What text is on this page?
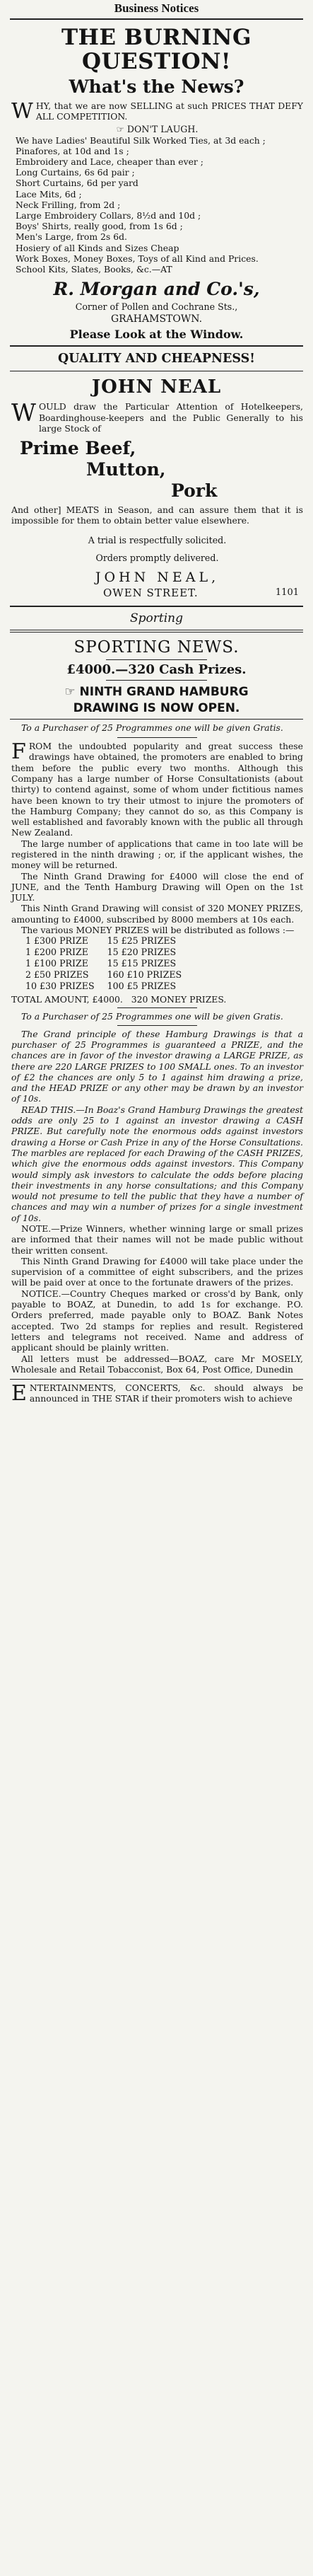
Business Notices
THE BURNING QUESTION!
What's the News?

W HY, that we are now SELLING at such PRICES THAT DEFY ALL COMPETITION.

☞ DON'T LAUGH.
We have Ladies' Beautiful Silk Worked Ties, at 3d each ;
Pinafores, at 10d and 1s ;
Embroidery and Lace, cheaper than ever ;
Long Curtains, 6s 6d pair ;
Short Curtains, 6d per yard
Lace Mits, 6d ;
Neck Frilling, from 2d ;
Large Embroidery Collars, 8½d and 10d ;
Boys' Shirts, really good, from 1s 6d ;
Men's Large, from 2s 6d.
Hosiery of all Kinds and Sizes Cheap
Work Boxes, Money Boxes, Toys of all Kind and Prices.
School Kits, Slates, Books, &c.—AT
R. Morgan and Co.'s,
Corner of Pollen and Cochrane Sts.,
GRAHAMSTOWN.
Please Look at the Window.
QUALITY AND CHEAPNESS!
JOHN NEAL

W OULD draw the Particular Attention of Hotelkeepers, Boardinghouse-keepers and the Public Generally to his large Stock of

Prime Beef,
Mutton,
Pork

And other] MEATS in Season, and can assure them that it is impossible for them to obtain better value elsewhere.

A trial is respectfully solicited.
Orders promptly delivered.
JOHN NEAL,
OWEN STREET.	1101
Sporting
SPORTING NEWS.
£4000.—320 Cash Prizes.
☞ NINTH GRAND HAMBURG
DRAWING IS NOW OPEN.

To a Purchaser of 25 Programmes one will be given Gratis.

F ROM the undoubted popularity and great success these drawings have obtained, the promoters are enabled to bring them before the public every two months. Although this Company has a large number of Horse Consultationists (about thirty) to contend against, some of whom under fictitious names have been known to try their utmost to injure the promoters of the Hamburg Company; they cannot do so, as this Company is well established and favorably known with the public all through New Zealand.

The large number of applications that came in too late will be registered in the ninth drawing ; or, if the applicant wishes, the money will be returned.

The Ninth Grand Drawing for £4000 will close the end of JUNE, and the Tenth Hamburg Drawing will Open on the 1st JULY.

This Ninth Grand Drawing will consist of 320 MONEY PRIZES, amounting to £4000, subscribed by 8000 members at 10s each.

The various MONEY PRIZES will be distributed as follows :—

1 £300 PRIZE	15 £25 PRIZES
1 £200 PRIZE	15 £20 PRIZES
1 £100 PRIZE	15 £15 PRIZES
2 £50 PRIZES	160 £10 PRIZES
10 £30 PRIZES	100 £5 PRIZES
TOTAL AMOUNT, £4000.   320 MONEY PRIZES.

To a Purchaser of 25 Programmes one will be given Gratis.

The Grand principle of these Hamburg Drawings is that a purchaser of 25 Programmes is guaranteed a PRIZE, and the chances are in favor of the investor drawing a LARGE PRIZE, as there are 220 LARGE PRIZES to 100 SMALL ones. To an investor of £2 the chances are only 5 to 1 against him drawing a prize, and the HEAD PRIZE or any other may be drawn by an investor of 10s.

READ THIS.—In Boaz's Grand Hamburg Drawings the greatest odds are only 25 to 1 against an investor drawing a CASH PRIZE. But carefully note the enormous odds against investors drawing a Horse or Cash Prize in any of the Horse Consultations. The marbles are replaced for each Drawing of the CASH PRIZES, which give the enormous odds against investors. This Company would simply ask investors to calculate the odds before placing their investments in any horse consultations; and this Company would not presume to tell the public that they have a number of chances and may win a number of prizes for a single investment of 10s.

NOTE.—Prize Winners, whether winning large or small prizes are informed that their names will not be made public without their written consent.

This Ninth Grand Drawing for £4000 will take place under the supervision of a committee of eight subscribers, and the prizes will be paid over at once to the fortunate drawers of the prizes.

NOTICE.—Country Cheques marked or cross'd by Bank, only payable to BOAZ, at Dunedin, to add 1s for exchange. P.O. Orders preferred, made payable only to BOAZ. Bank Notes accepted. Two 2d stamps for replies and result. Registered letters and telegrams not received. Name and address of applicant should be plainly written.

All letters must be addressed—BOAZ, care Mr MOSELY, Wholesale and Retail Tobacconist, Box 64, Post Office, Dunedin

E NTERTAINMENTS, CONCERTS, &c. should always be announced in THE STAR if their promoters wish to achieve
